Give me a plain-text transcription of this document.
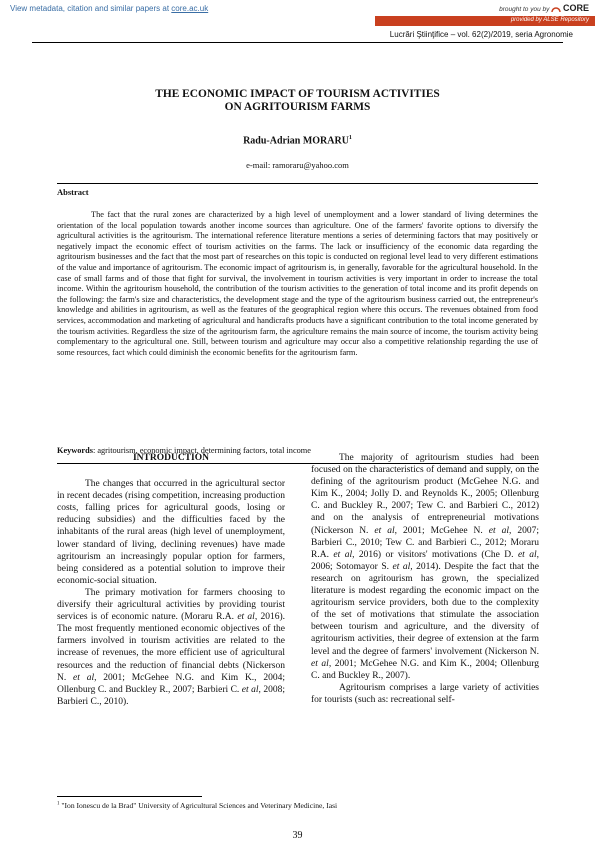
View metadata, citation and similar papers at core.ac.uk	brought to you by CORE
provided by ALSE Repository
Lucrări Ştiinţifice – vol. 62(2)/2019, seria Agronomie
THE ECONOMIC IMPACT OF TOURISM ACTIVITIES
ON AGRITOURISM FARMS
Radu-Adrian MORARU$^1$
e-mail: ramoraru@yahoo.com
Abstract
The fact that the rural zones are characterized by a high level of unemployment and a lower standard of living determines the orientation of the local population towards another income sources than agriculture. One of the farmers' favorite options to diversify the agricultural activities is the agritourism. The international reference literature mentions a series of determining factors that may positively or negatively impact the economic effect of tourism activities on the farms. The lack or insufficiency of the economic data regarding the agritourism businesses and the fact that the most part of researches on this topic is conducted on regional level lead to very different estimations of the value and importance of agritourism. The economic impact of agritourism is, in generally, favorable for the agricultural household. In the case of small farms and of those that fight for survival, the involvement in tourism activities is very important in order to increase the total income. Within the agritourism household, the contribution of the tourism activities to the generation of total income and its profit depends on the following: the farm's size and characteristics, the development stage and the type of the agritourism business carried out, the entrepreneur's knowledge and abilities in agritourism, as well as the features of the geographical region where this occurs. The revenues obtained from food services, accommodation and marketing of agricultural and handicrafts products have a significant contribution to the total income generated by the tourism activities. Regardless the size of the agritourism farm, the agriculture remains the main source of income, the tourism activity being complementary to the agricultural one. Still, between tourism and agriculture may occur also a competitive relationship regarding the use of some resources, fact which could diminish the economic benefits for the agritourism farm.
Keywords: agritourism, economic impact, determining factors, total income
INTRODUCTION

The changes that occurred in the agricultural sector in recent decades (rising competition, increasing production costs, falling prices for agricultural goods, losing or reducing subsidies) and the difficulties faced by the inhabitants of the rural areas (high level of unemployment, lower standard of living, declining revenues) have made agritourism an increasingly popular option for farmers, being considered as a potential solution to improve their economic-social situation.

The primary motivation for farmers choosing to diversify their agricultural activities by providing tourist services is of economic nature. (Moraru R.A. et al, 2016). The most frequently mentioned economic objectives of the farmers involved in tourism activities are related to the increase of revenues, the more efficient use of agricultural resources and the reduction of financial debts (Nickerson N. et al, 2001; McGehee N.G. and Kim K., 2004; Ollenburg C. and Buckley R., 2007; Barbieri C. et al, 2008; Barbieri C., 2010).

The majority of agritourism studies had been focused on the characteristics of demand and supply, on the defining of the agritourism product (McGehee N.G. and Kim K., 2004; Jolly D. and Reynolds K., 2005; Ollenburg C. and Buckley R., 2007; Tew C. and Barbieri C., 2012) and on the analysis of entrepreneurial motivations (Nickerson N. et al, 2001; McGehee N. et al, 2007; Barbieri C., 2010; Tew C. and Barbieri C., 2012; Moraru R.A. et al, 2016) or visitors' motivations (Che D. et al, 2006; Sotomayor S. et al, 2014). Despite the fact that the research on agritourism has grown, the specialized literature is modest regarding the economic impact on the agritourism service providers, both due to the complexity of the set of motivations that stimulate the association between tourism and agriculture, and the diversity of agritourism activities, their degree of extension at the farm level and the degree of farmers' involvement (Nickerson N. et al, 2001; McGehee N.G. and Kim K., 2004; Ollenburg C. and Buckley R., 2007).

Agritourism comprises a large variety of activities for tourists (such as: recreational self-

$^1$ "Ion Ionescu de la Brad" University of Agricultural Sciences and Veterinary Medicine, Iasi
39
